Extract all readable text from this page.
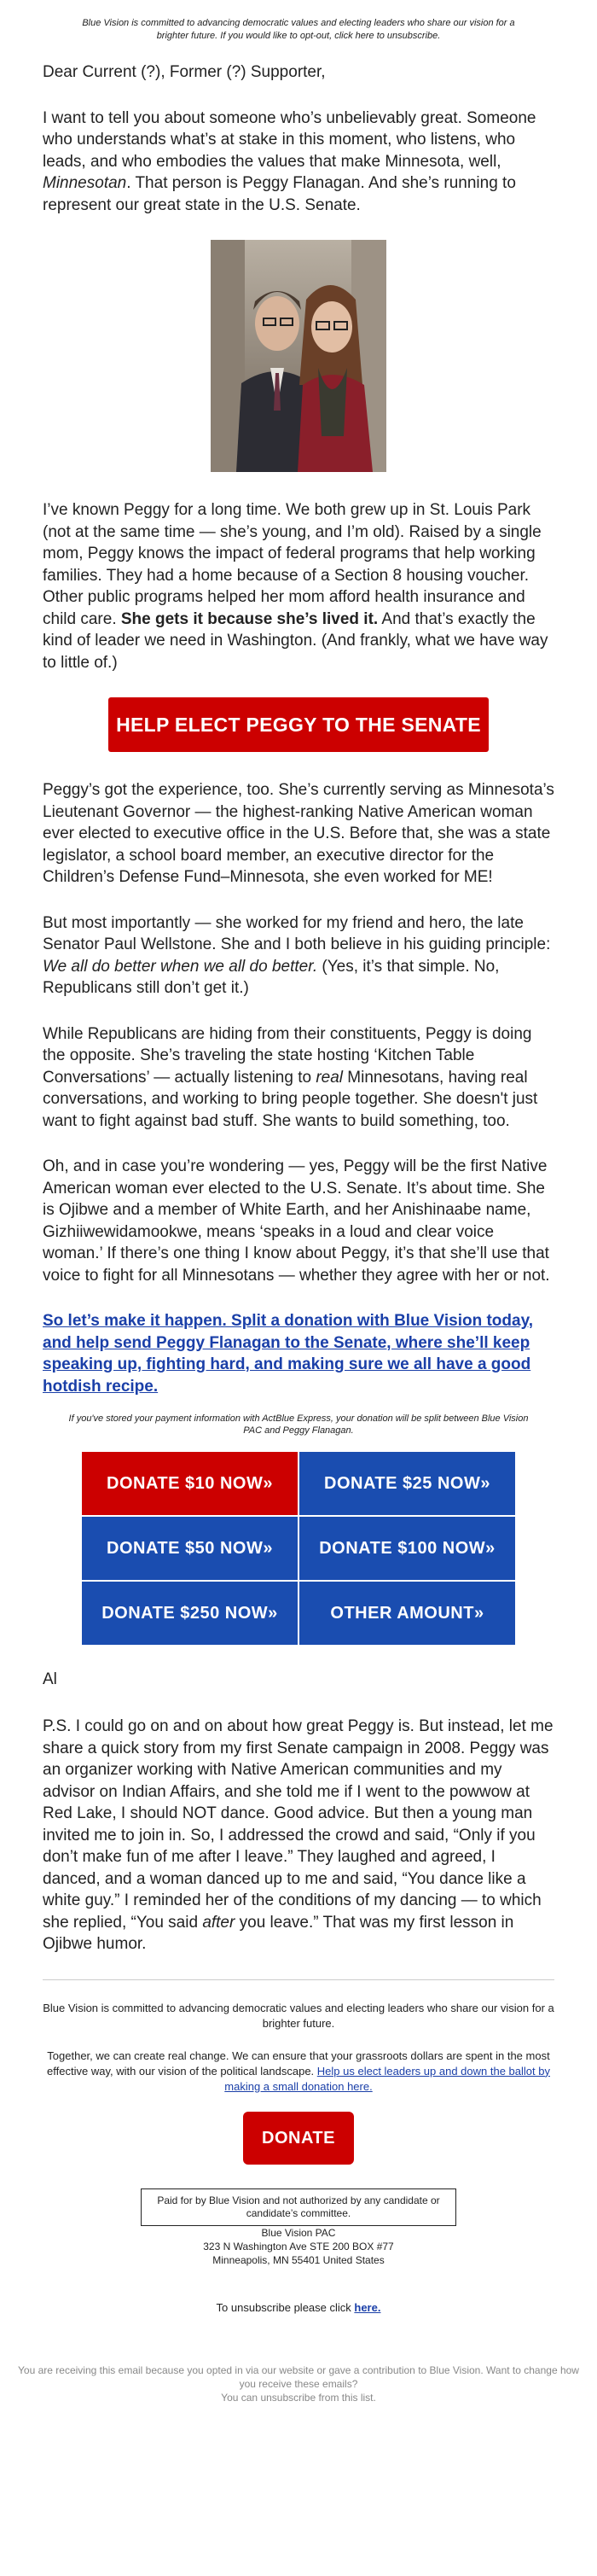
Blue Vision is committed to advancing democratic values and electing leaders who share our vision for a brighter future. If you would like to opt-out, click here to unsubscribe.

Dear Current (?), Former (?) Supporter,

I want to tell you about someone who’s unbelievably great. Someone who understands what’s at stake in this moment, who listens, who leads, and who embodies the values that make Minnesota, well, Minnesotan. That person is Peggy Flanagan. And she’s running to represent our great state in the U.S. Senate.

I’ve known Peggy for a long time. We both grew up in St. Louis Park (not at the same time — she’s young, and I’m old). Raised by a single mom, Peggy knows the impact of federal programs that help working families. They had a home because of a Section 8 housing voucher. Other public programs helped her mom afford health insurance and child care. She gets it because she’s lived it. And that’s exactly the kind of leader we need in Washington. (And frankly, what we have way to little of.)

HELP ELECT PEGGY TO THE SENATE

Peggy’s got the experience, too. She’s currently serving as Minnesota’s Lieutenant Governor — the highest-ranking Native American woman ever elected to executive office in the U.S. Before that, she was a state legislator, a school board member, an executive director for the Children’s Defense Fund–Minnesota, she even worked for ME!

But most importantly — she worked for my friend and hero, the late Senator Paul Wellstone. She and I both believe in his guiding principle: We all do better when we all do better. (Yes, it’s that simple. No, Republicans still don’t get it.)

While Republicans are hiding from their constituents, Peggy is doing the opposite. She’s traveling the state hosting ‘Kitchen Table Conversations’ — actually listening to real Minnesotans, having real conversations, and working to bring people together. She doesn't just want to fight against bad stuff. She wants to build something, too.

Oh, and in case you’re wondering — yes, Peggy will be the first Native American woman ever elected to the U.S. Senate. It’s about time. She is Ojibwe and a member of White Earth, and her Anishinaabe name, Gizhiiwewidamookwe, means ‘speaks in a loud and clear voice woman.’ If there’s one thing I know about Peggy, it’s that she’ll use that voice to fight for all Minnesotans — whether they agree with her or not.

So let’s make it happen. Split a donation with Blue Vision today, and help send Peggy Flanagan to the Senate, where she’ll keep speaking up, fighting hard, and making sure we all have a good hotdish recipe.

If you've stored your payment information with ActBlue Express, your donation will be split between Blue Vision PAC and Peggy Flanagan.

DONATE $10 NOW»	DONATE $25 NOW»
DONATE $50 NOW»	DONATE $100 NOW»
DONATE $250 NOW»	OTHER AMOUNT»

Al

P.S. I could go on and on about how great Peggy is. But instead, let me share a quick story from my first Senate campaign in 2008. Peggy was an organizer working with Native American communities and my advisor on Indian Affairs, and she told me if I went to the powwow at Red Lake, I should NOT dance. Good advice. But then a young man invited me to join in. So, I addressed the crowd and said, “Only if you don’t make fun of me after I leave.” They laughed and agreed, I danced, and a woman danced up to me and said, “You dance like a white guy.” I reminded her of the conditions of my dancing — to which she replied, “You said after you leave.” That was my first lesson in Ojibwe humor.

Blue Vision is committed to advancing democratic values and electing leaders who share our vision for a brighter future.

Together, we can create real change. We can ensure that your grassroots dollars are spent in the most effective way, with our vision of the political landscape. Help us elect leaders up and down the ballot by making a small donation here.

DONATE
Paid for by Blue Vision and not authorized by any candidate or candidate’s committee.
Blue Vision PAC
323 N Washington Ave STE 200 BOX #77
Minneapolis, MN 55401 United States

To unsubscribe please click here.

You are receiving this email because you opted in via our website or gave a contribution to Blue Vision. Want to change how you receive these emails?
You can unsubscribe from this list.
